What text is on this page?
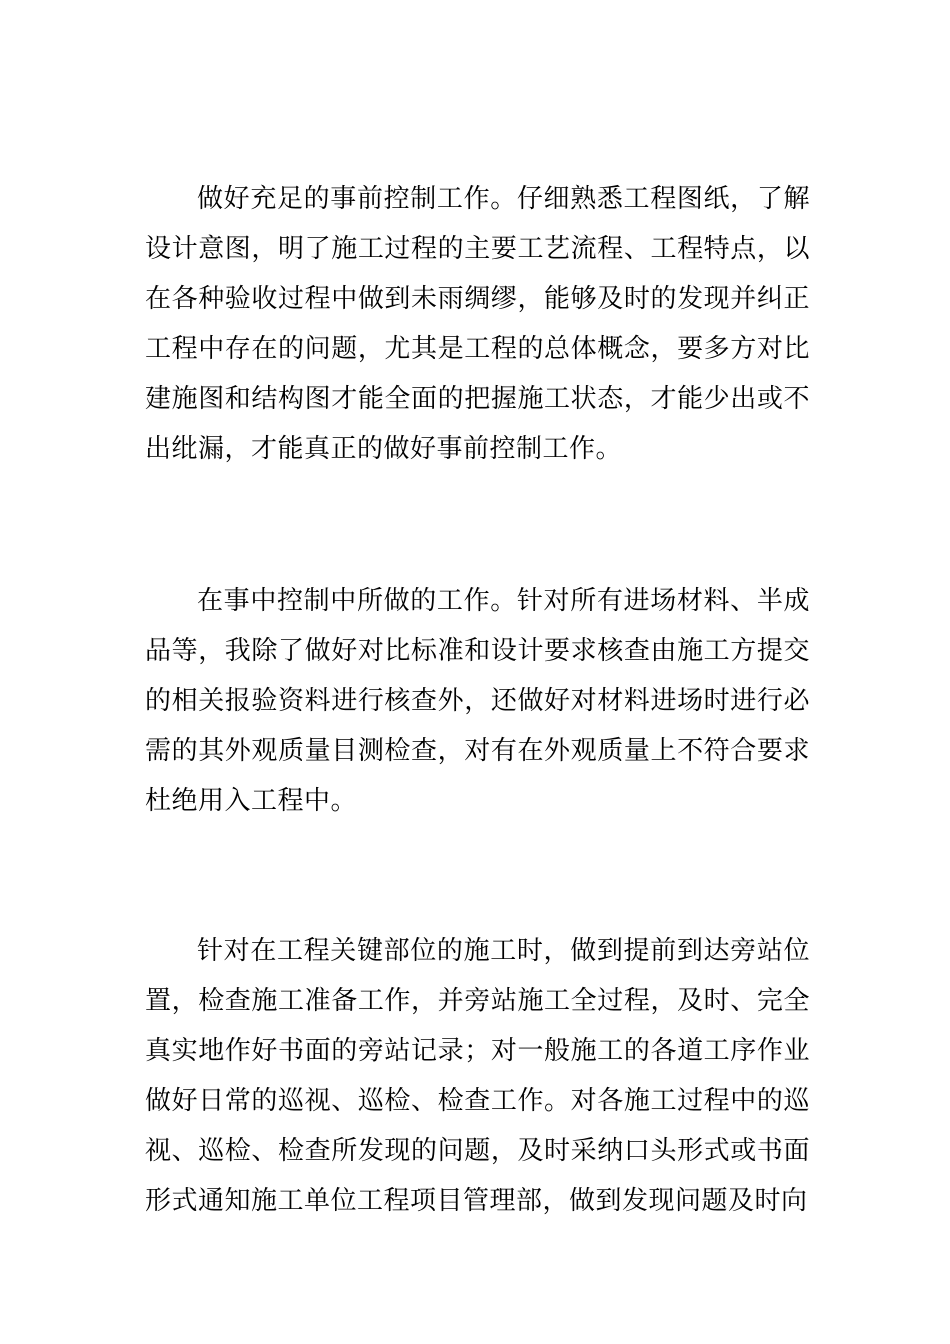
做好充足的事前控制工作。仔细熟悉工程图纸，了解设计意图，明了施工过程的主要工艺流程、工程特点，以在各种验收过程中做到未雨绸缪，能够及时的发现并纠正工程中存在的问题，尤其是工程的总体概念，要多方对比建施图和结构图才能全面的把握施工状态，才能少出或不出纰漏，才能真正的做好事前控制工作。

在事中控制中所做的工作。针对所有进场材料、半成品等，我除了做好对比标准和设计要求核查由施工方提交的相关报验资料进行核查外，还做好对材料进场时进行必需的其外观质量目测检查，对有在外观质量上不符合要求杜绝用入工程中。

针对在工程关键部位的施工时，做到提前到达旁站位置，检查施工准备工作，并旁站施工全过程，及时、完全真实地作好书面的旁站记录；对一般施工的各道工序作业做好日常的巡视、巡检、检查工作。对各施工过程中的巡视、巡检、检查所发现的问题，及时采纳口头形式或书面形式通知施工单位工程项目管理部，做到发现问题及时向
